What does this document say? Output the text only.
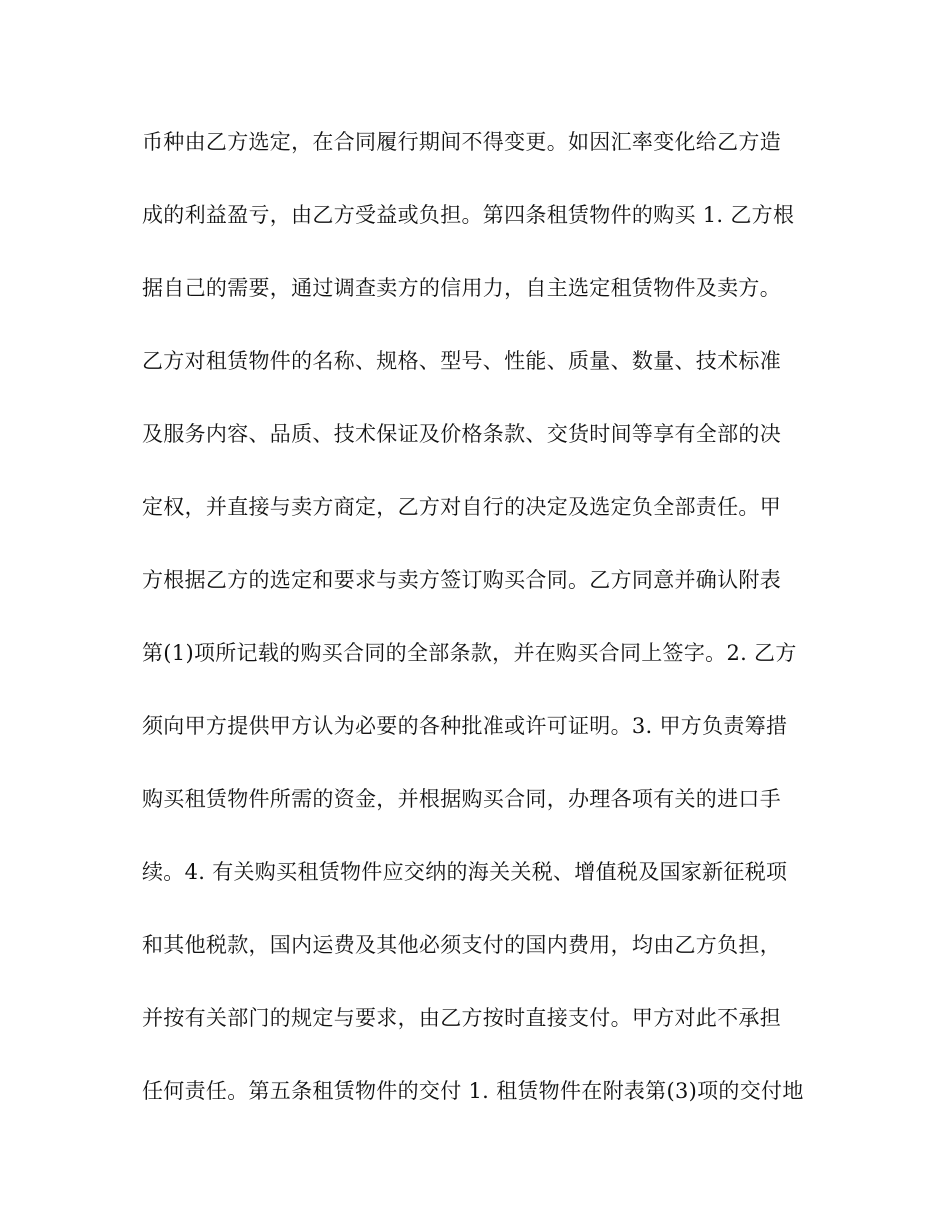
币种由乙方选定，在合同履行期间不得变更。如因汇率变化给乙方造
成的利益盈亏，由乙方受益或负担。第四条租赁物件的购买 1. 乙方根
据自己的需要，通过调查卖方的信用力，自主选定租赁物件及卖方。
乙方对租赁物件的名称、规格、型号、性能、质量、数量、技术标准
及服务内容、品质、技术保证及价格条款、交货时间等享有全部的决
定权，并直接与卖方商定，乙方对自行的决定及选定负全部责任。甲
方根据乙方的选定和要求与卖方签订购买合同。乙方同意并确认附表
第(1)项所记载的购买合同的全部条款，并在购买合同上签字。2. 乙方
须向甲方提供甲方认为必要的各种批准或许可证明。3. 甲方负责筹措
购买租赁物件所需的资金，并根据购买合同，办理各项有关的进口手
续。4. 有关购买租赁物件应交纳的海关关税、增值税及国家新征税项
和其他税款，国内运费及其他必须支付的国内费用，均由乙方负担，
并按有关部门的规定与要求，由乙方按时直接支付。甲方对此不承担
任何责任。第五条租赁物件的交付 1. 租赁物件在附表第(3)项的交付地
